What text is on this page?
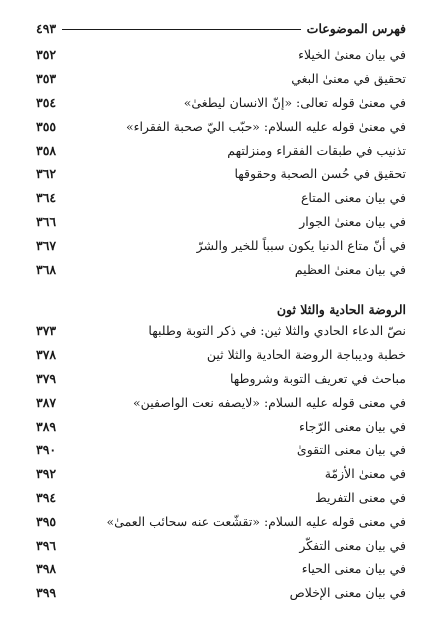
فهرس الموضوعات
٤٩٣
في بيان معنىٰ الخيلاء
٣٥٢
تحقيق في معنىٰ البغي
٣٥٣
في معنىٰ قوله تعالى: «إنّ الانسان ليطغىٰ»
٣٥٤
في معنىٰ قوله عليه السلام: «حبّب اليّ صحبة الفقراء»
٣٥٥
تذنيب في طبقات الفقراء ومنزلتهم
٣٥٨
تحقيق في حُسن الصحبة وحقوقها
٣٦٢
في بيان معنى المتاع
٣٦٤
في بيان معنىٰ الجوار
٣٦٦
في أنّ متاع الدنيا يكون سبباً للخير والشرّ
٣٦٧
في بيان معنىٰ العظيم
٣٦٨
الروضة الحادية والثلا ثون
نصّ الدعاء الحادي والثلا ثين: في ذكر التوبة وطلبها
٣٧٣
خطبة وديباجة الروضة الحادية والثلا ثين
٣٧٨
مباحث في تعريف التوبة وشروطها
٣٧٩
في معنى قوله عليه السلام: «لايصفه نعت الواصفين»
٣٨٧
في بيان معنى الرّجاء
٣٨٩
في بيان معنى التقوىٰ
٣٩٠
في معنىٰ الأزمّة
٣٩٢
في معنى التفريط
٣٩٤
في معنى قوله عليه السلام: «تقشّعت عنه سحائب العمىٰ»
٣٩٥
في بيان معنى التفكّر
٣٩٦
في بيان معنى الحياء
٣٩٨
في بيان معنى الإخلاص
٣٩٩
